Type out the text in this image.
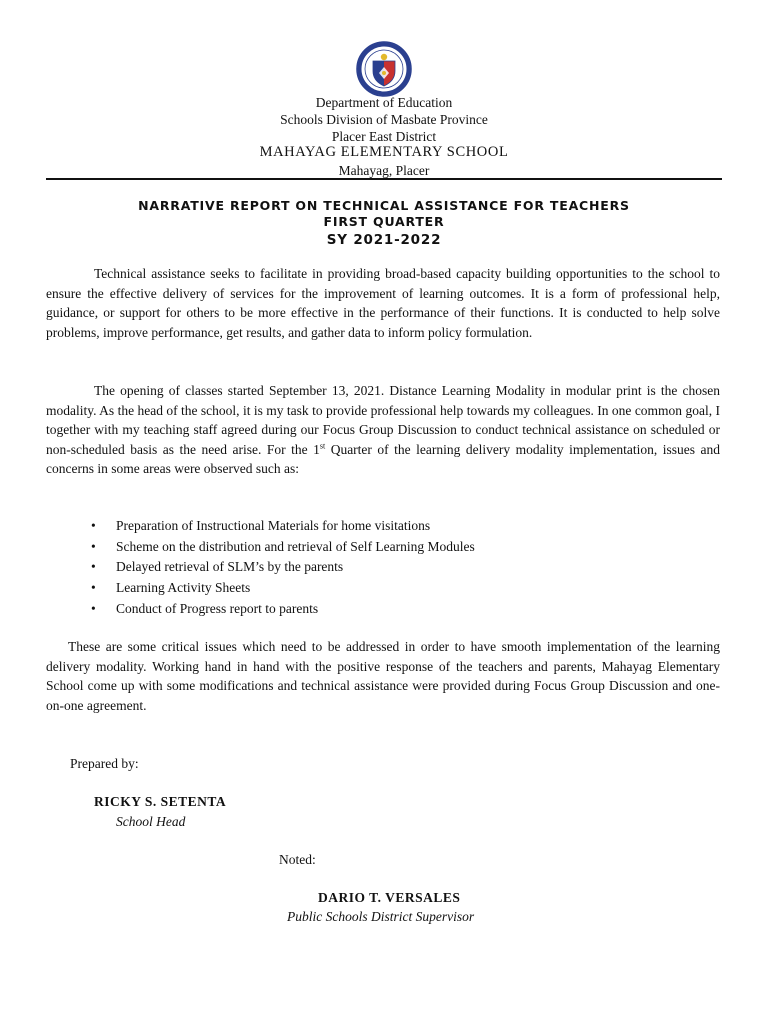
Department of Education

Schools Division of Masbate Province

Placer East District

MAHAYAG ELEMENTARY SCHOOL

Mahayag, Placer

NARRATIVE REPORT ON TECHNICAL ASSISTANCE FOR TEACHERS

FIRST QUARTER

SY 2021-2022

Technical assistance seeks to facilitate in providing broad-based capacity building opportunities to the school to ensure the effective delivery of services for the improvement of learning outcomes. It is a form of professional help, guidance, or support for others to be more effective in the performance of their functions. It is conducted to help solve problems, improve performance, get results, and gather data to inform policy formulation.

The opening of classes started September 13, 2021. Distance Learning Modality in modular print is the chosen modality. As the head of the school, it is my task to provide professional help towards my colleagues. In one common goal, I together with my teaching staff agreed during our Focus Group Discussion to conduct technical assistance on scheduled or non-scheduled basis as the need arise. For the 1st Quarter of the learning delivery modality implementation, issues and concerns in some areas were observed such as:

• Preparation of Instructional Materials for home visitations
• Scheme on the distribution and retrieval of Self Learning Modules
• Delayed retrieval of SLM’s by the parents
• Learning Activity Sheets
• Conduct of Progress report to parents

These are some critical issues which need to be addressed in order to have smooth implementation of the learning delivery modality. Working hand in hand with the positive response of the teachers and parents, Mahayag Elementary School come up with some modifications and technical assistance were provided during Focus Group Discussion and one-on-one agreement.

Prepared by:

RICKY S. SETENTA

School Head

Noted:

DARIO T. VERSALES

Public Schools District Supervisor
